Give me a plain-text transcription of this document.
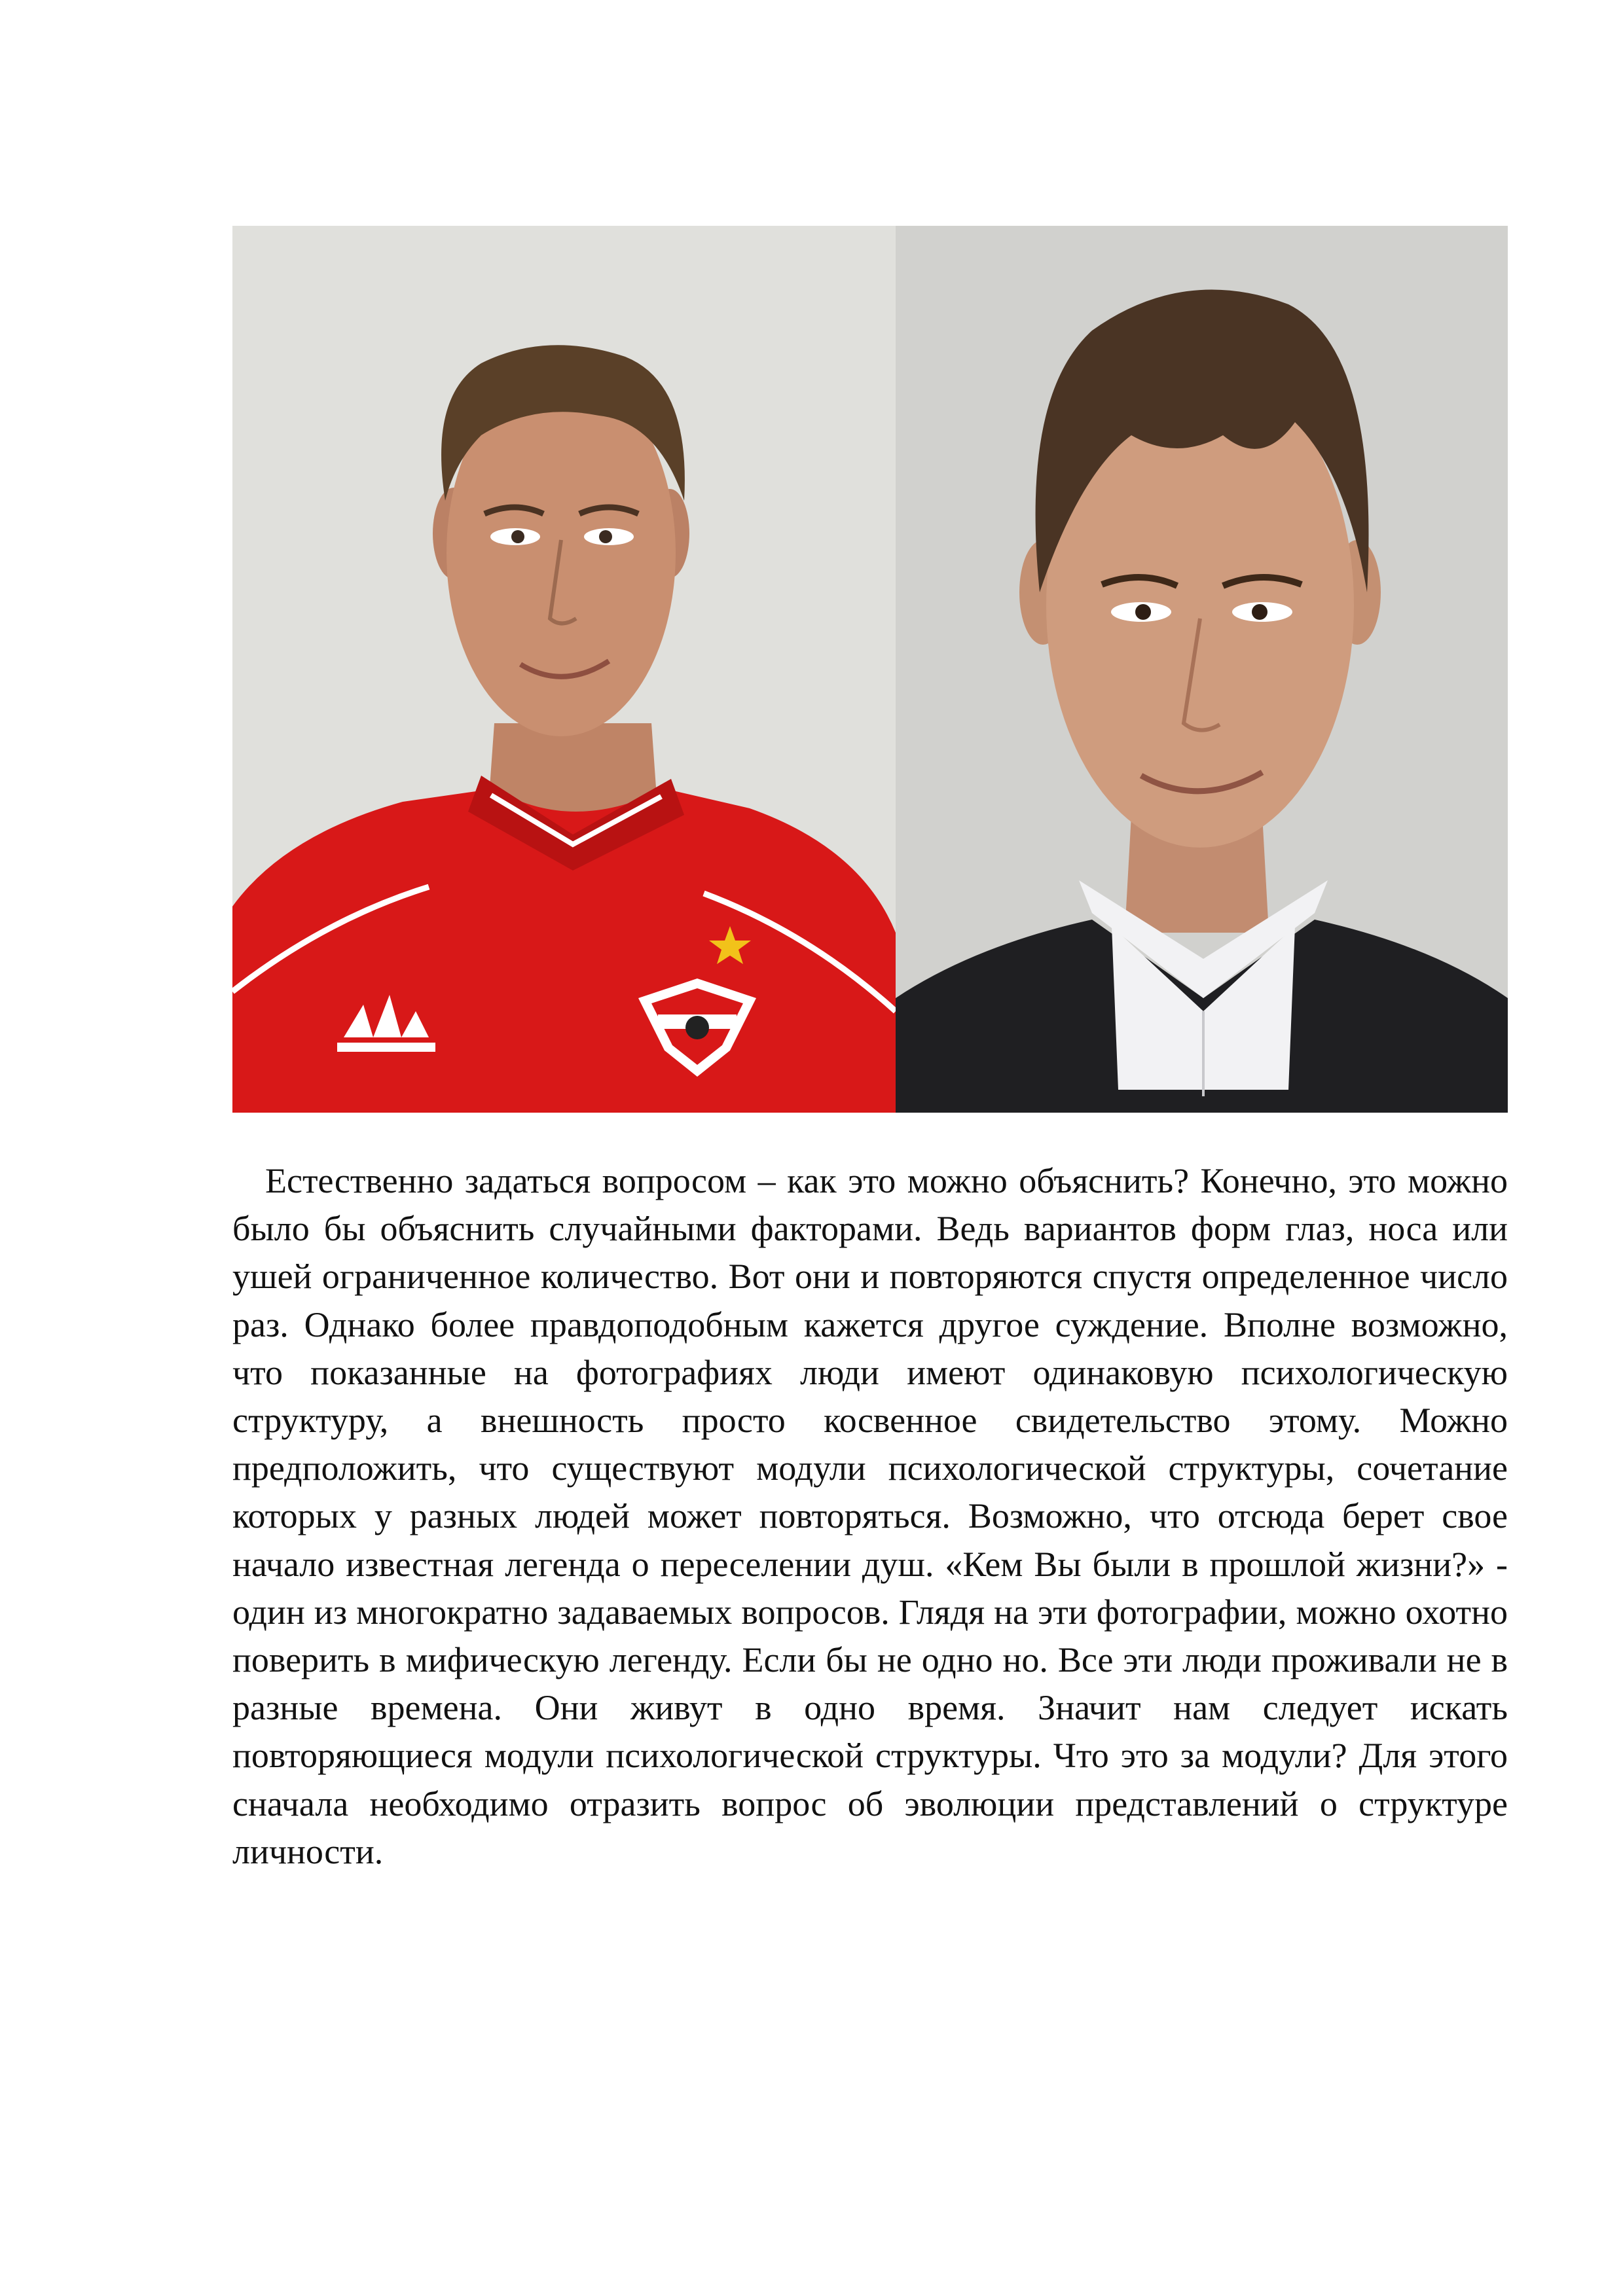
Естественно задаться вопросом – как это можно объяснить? Конечно, это можно было бы объяснить случайными факторами. Ведь вариантов форм глаз, носа или ушей ограниченное количество. Вот они и повторяются спустя определенное число раз. Однако более правдоподобным кажется другое суждение. Вполне возможно, что показанные на фотографиях люди имеют одинаковую психологическую структуру, а внешность просто косвенное свидетельство этому. Можно предположить, что существуют модули психологической структуры, сочетание которых у разных людей может повторяться. Возможно, что отсюда берет свое начало известная легенда о переселении душ. «Кем Вы были в прошлой жизни?» - один из многократно задаваемых вопросов. Глядя на эти фотографии, можно охотно поверить в мифическую легенду. Если бы не одно но. Все эти люди проживали не в разные времена. Они живут в одно время. Значит нам следует искать повторяющиеся модули психологической структуры. Что это за модули? Для этого сначала необходимо отразить вопрос об эволюции представлений о структуре личности.
